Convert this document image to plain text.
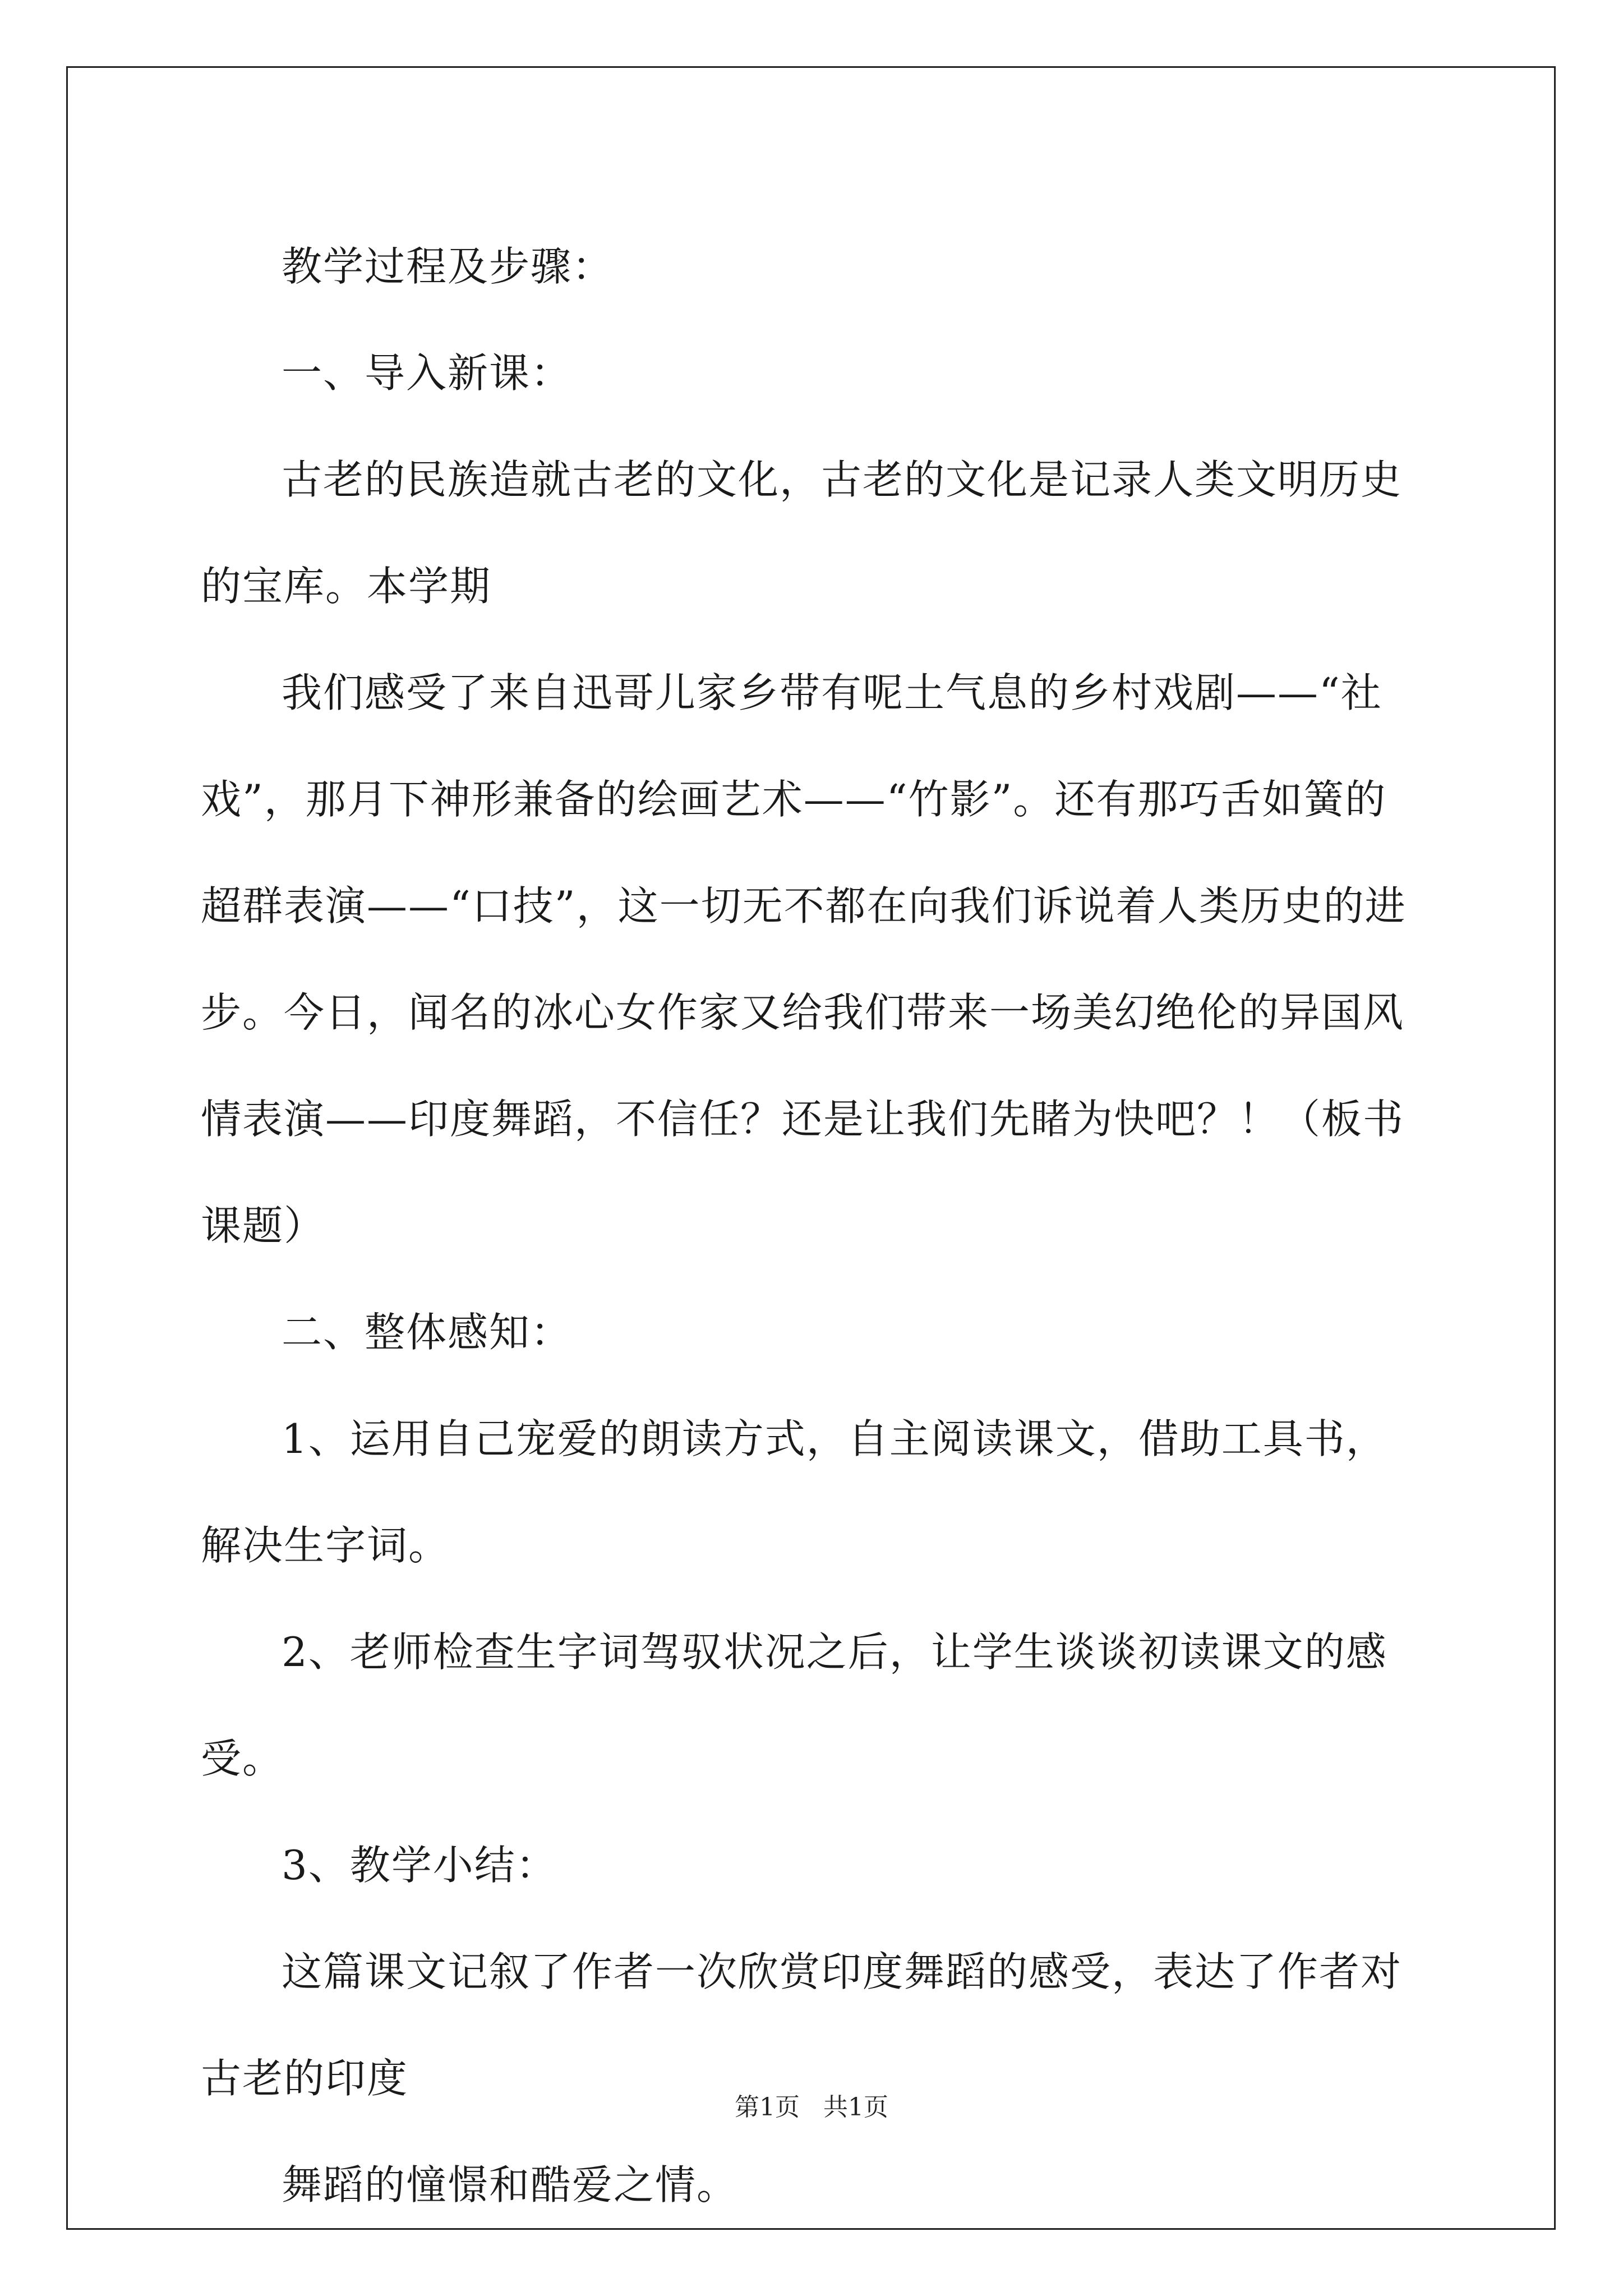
教学过程及步骤：

一、导入新课：

古老的民族造就古老的文化，古老的文化是记录人类文明历史的宝库。本学期

我们感受了来自迅哥儿家乡带有呢土气息的乡村戏剧——“社戏”，那月下神形兼备的绘画艺术——“竹影”。还有那巧舌如簧的超群表演——“口技”，这一切无不都在向我们诉说着人类历史的进步。今日，闻名的冰心女作家又给我们带来一场美幻绝伦的异国风情表演——印度舞蹈，不信任？还是让我们先睹为快吧？！（板书课题）

二、整体感知：

1、运用自己宠爱的朗读方式，自主阅读课文，借助工具书，解决生字词。

2、老师检查生字词驾驭状况之后，让学生谈谈初读课文的感受。

3、教学小结：

这篇课文记叙了作者一次欣赏印度舞蹈的感受，表达了作者对古老的印度

舞蹈的憧憬和酷爱之情。

第1页 共1页
